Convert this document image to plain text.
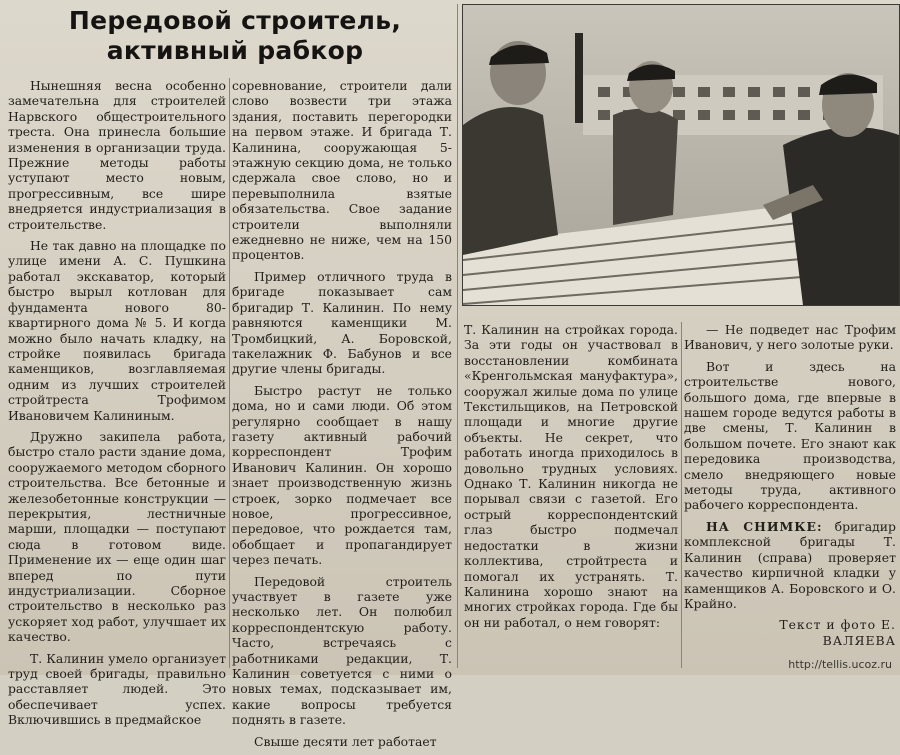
Передовой строитель,
активный рабкор

Нынешняя весна особенно замечательна для строителей Нарвского общестроительного треста. Она принесла большие изменения в организации труда. Прежние методы работы уступают место новым, прогрессивным, все шире внедряется индустриализация в строительстве.

Не так давно на площадке по улице имени А. С. Пушкина работал экскаватор, который быстро вырыл котлован для фундамента нового 80-квартирного дома № 5. И когда можно было начать кладку, на стройке появилась бригада каменщиков, возглавляемая одним из лучших строителей стройтреста Трофимом Ивановичем Калининым.

Дружно закипела работа, быстро стало расти здание дома, сооружаемого методом сборного строительства. Все бетонные и железобетонные конструкции — перекрытия, лестничные марши, площадки — поступают сюда в готовом виде. Применение их — еще один шаг вперед по пути индустриализации. Сборное строительство в несколько раз ускоряет ход работ, улучшает их качество.

Т. Калинин умело организует труд своей бригады, правильно расставляет людей. Это обеспечивает успех. Включившись в предмайское

соревнование, строители дали слово возвести три этажа здания, поставить перегородки на первом этаже. И бригада Т. Калинина, сооружающая 5-этажную секцию дома, не только сдержала свое слово, но и перевыполнила взятые обязательства. Свое задание строители выполняли ежедневно не ниже, чем на 150 процентов.

Пример отличного труда в бригаде показывает сам бригадир Т. Калинин. По нему равняются каменщики М. Тромбицкий, А. Боровской, такелажник Ф. Бабунов и все другие члены бригады.

Быстро растут не только дома, но и сами люди. Об этом регулярно сообщает в нашу газету активный рабочий корреспондент Трофим Иванович Калинин. Он хорошо знает производственную жизнь строек, зорко подмечает все новое, прогрессивное, передовое, что рождается там, обобщает и пропагандирует через печать.

Передовой строитель участвует в газете уже несколько лет. Он полюбил корреспондентскую работу. Часто, встречаясь с работниками редакции, Т. Калинин советуется с ними о новых темах, подсказывает им, какие вопросы требуется поднять в газете.

Свыше десяти лет работает

Т. Калинин на стройках города. За эти годы он участвовал в восстановлении комбината «Кренгольмская мануфактура», сооружал жилые дома по улице Текстильщиков, на Петровской площади и многие другие объекты. Не секрет, что работать иногда приходилось в довольно трудных условиях. Однако Т. Калинин никогда не порывал связи с газетой. Его острый корреспондентский глаз быстро подмечал недостатки в жизни коллектива, стройтреста и помогал их устранять. Т. Калинина хорошо знают на многих стройках города. Где бы он ни работал, о нем говорят:

— Не подведет нас Трофим Иванович, у него золотые руки.

Вот и здесь на строительстве нового, большого дома, где впервые в нашем городе ведутся работы в две смены, Т. Калинин в большом почете. Его знают как передовика производства, смело внедряющего новые методы труда, активного рабочего корреспондента.

НА СНИМКЕ: бригадир комплексной бригады Т. Калинин (справа) проверяет качество кирпичной кладки у каменщиков А. Боровского и О. Крайно.

Текст и фото Е. ВАЛЯЕВА

http://tellis.ucoz.ru
